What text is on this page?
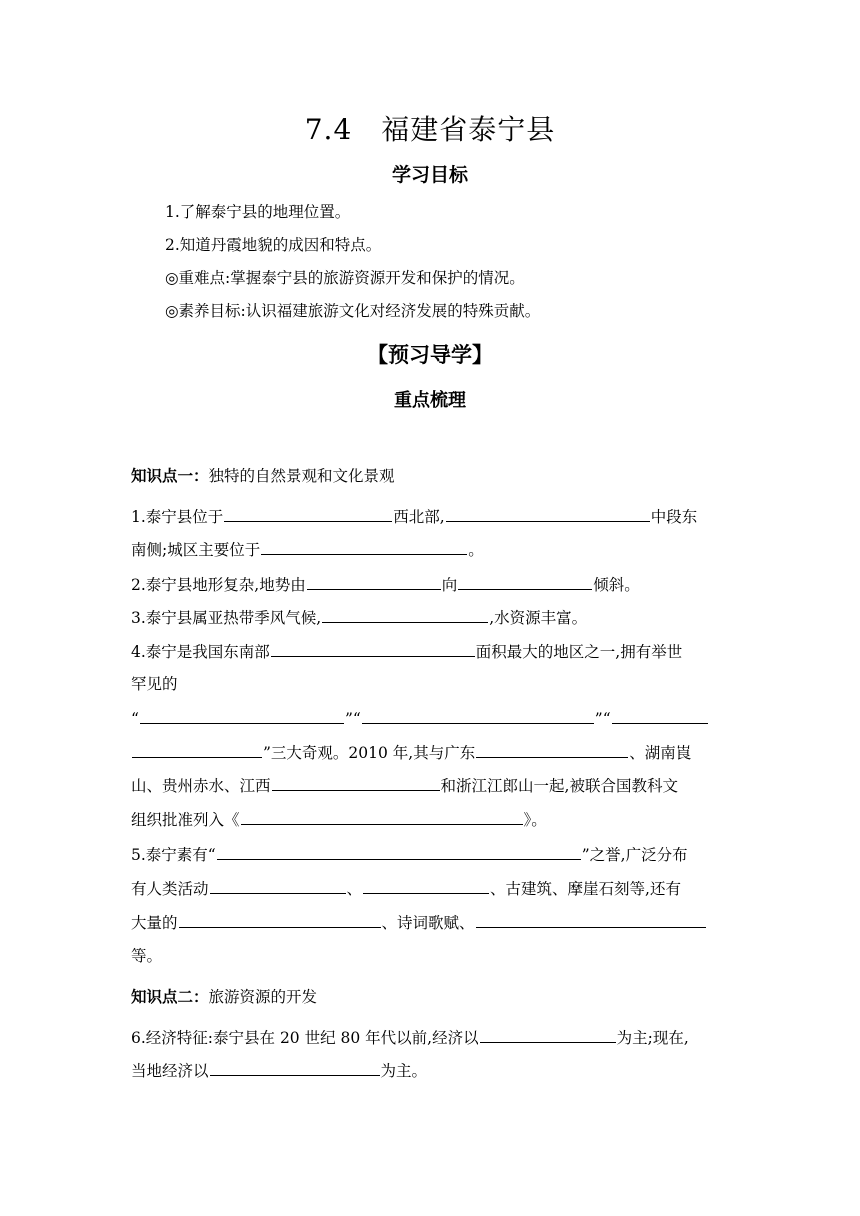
7.4　福建省泰宁县
学习目标
1.了解泰宁县的地理位置。
2.知道丹霞地貌的成因和特点。
◎重难点:掌握泰宁县的旅游资源开发和保护的情况。
◎素养目标:认识福建旅游文化对经济发展的特殊贡献。
【预习导学】
重点梳理
知识点一：独特的自然景观和文化景观
1.泰宁县位于	西北部,	中段东
南侧;城区主要位于	。
2.泰宁县地形复杂,地势由	向	倾斜。
3.泰宁县属亚热带季风气候,	,水资源丰富。
4.泰宁是我国东南部	面积最大的地区之一,拥有举世
罕见的
“	”“	”“
”三大奇观。2010 年,其与广东	、湖南崀
山、贵州赤水、江西	和浙江江郎山一起,被联合国教科文
组织批准列入《	》。
5.泰宁素有“	”之誉,广泛分布
有人类活动	、	、古建筑、摩崖石刻等,还有
大量的	、诗词歌赋、
等。
知识点二：旅游资源的开发
6.经济特征:泰宁县在 20 世纪 80 年代以前,经济以	为主;现在,
当地经济以	为主。
